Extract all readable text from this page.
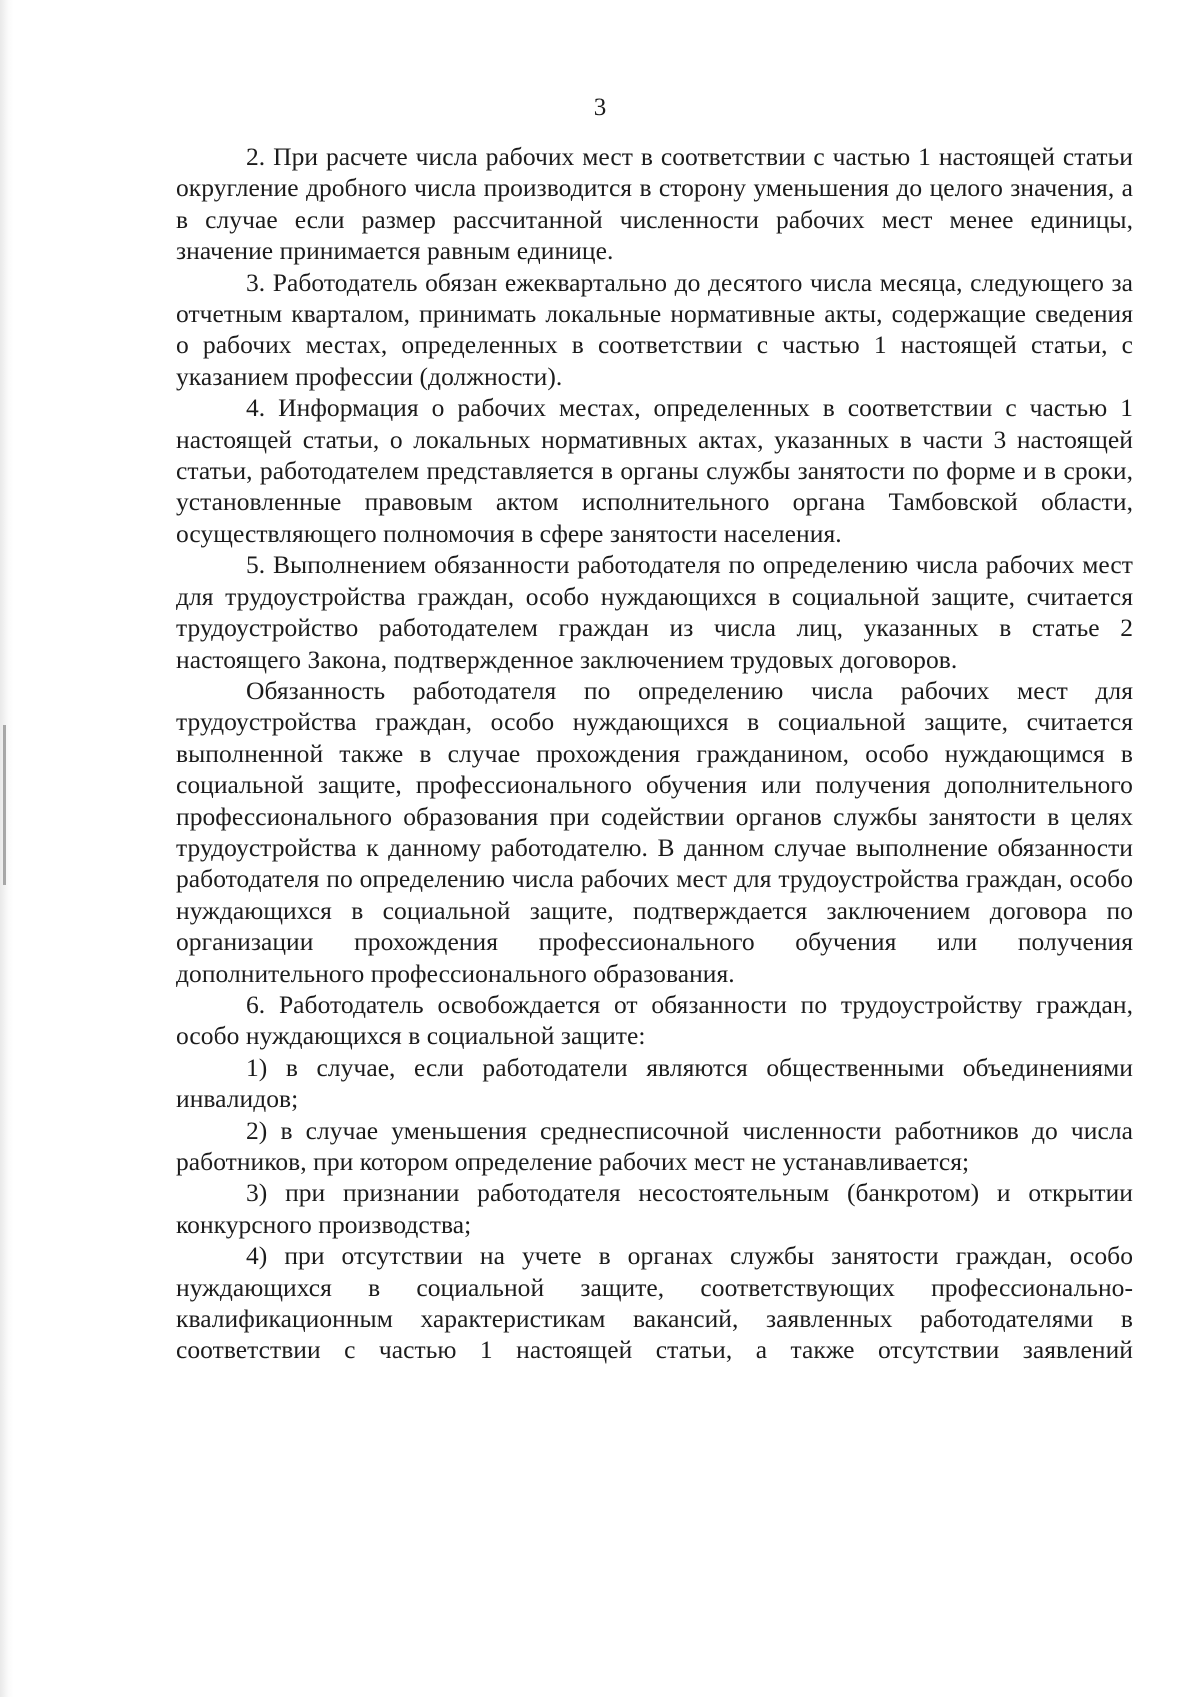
3

2. При расчете числа рабочих мест в соответствии с частью 1 настоящей статьи округление дробного числа производится в сторону уменьшения до целого значения, а в случае если размер рассчитанной численности рабочих мест менее единицы, значение принимается равным единице.

3. Работодатель обязан ежеквартально до десятого числа месяца, следующего за отчетным кварталом, принимать локальные нормативные акты, содержащие сведения о рабочих местах, определенных в соответствии с частью 1 настоящей статьи, с указанием профессии (должности).

4. Информация о рабочих местах, определенных в соответствии с частью 1 настоящей статьи, о локальных нормативных актах, указанных в части 3 настоящей статьи, работодателем представляется в органы службы занятости по форме и в сроки, установленные правовым актом исполнительного органа Тамбовской области, осуществляющего полномочия в сфере занятости населения.

5. Выполнением обязанности работодателя по определению числа рабочих мест для трудоустройства граждан, особо нуждающихся в социальной защите, считается трудоустройство работодателем граждан из числа лиц, указанных в статье 2 настоящего Закона, подтвержденное заключением трудовых договоров.

Обязанность работодателя по определению числа рабочих мест для трудоустройства граждан, особо нуждающихся в социальной защите, считается выполненной также в случае прохождения гражданином, особо нуждающимся в социальной защите, профессионального обучения или получения дополнительного профессионального образования при содействии органов службы занятости в целях трудоустройства к данному работодателю. В данном случае выполнение обязанности работодателя по определению числа рабочих мест для трудоустройства граждан, особо нуждающихся в социальной защите, подтверждается заключением договора по организации прохождения профессионального обучения или получения дополнительного профессионального образования.

6. Работодатель освобождается от обязанности по трудоустройству граждан, особо нуждающихся в социальной защите:

1) в случае, если работодатели являются общественными объединениями инвалидов;

2) в случае уменьшения среднесписочной численности работников до числа работников, при котором определение рабочих мест не устанавливается;

3) при признании работодателя несостоятельным (банкротом) и открытии конкурсного производства;

4) при отсутствии на учете в органах службы занятости граждан, особо нуждающихся в социальной защите, соответствующих профессионально-квалификационным характеристикам вакансий, заявленных работодателями в соответствии с частью 1 настоящей статьи, а также отсутствии заявлений
